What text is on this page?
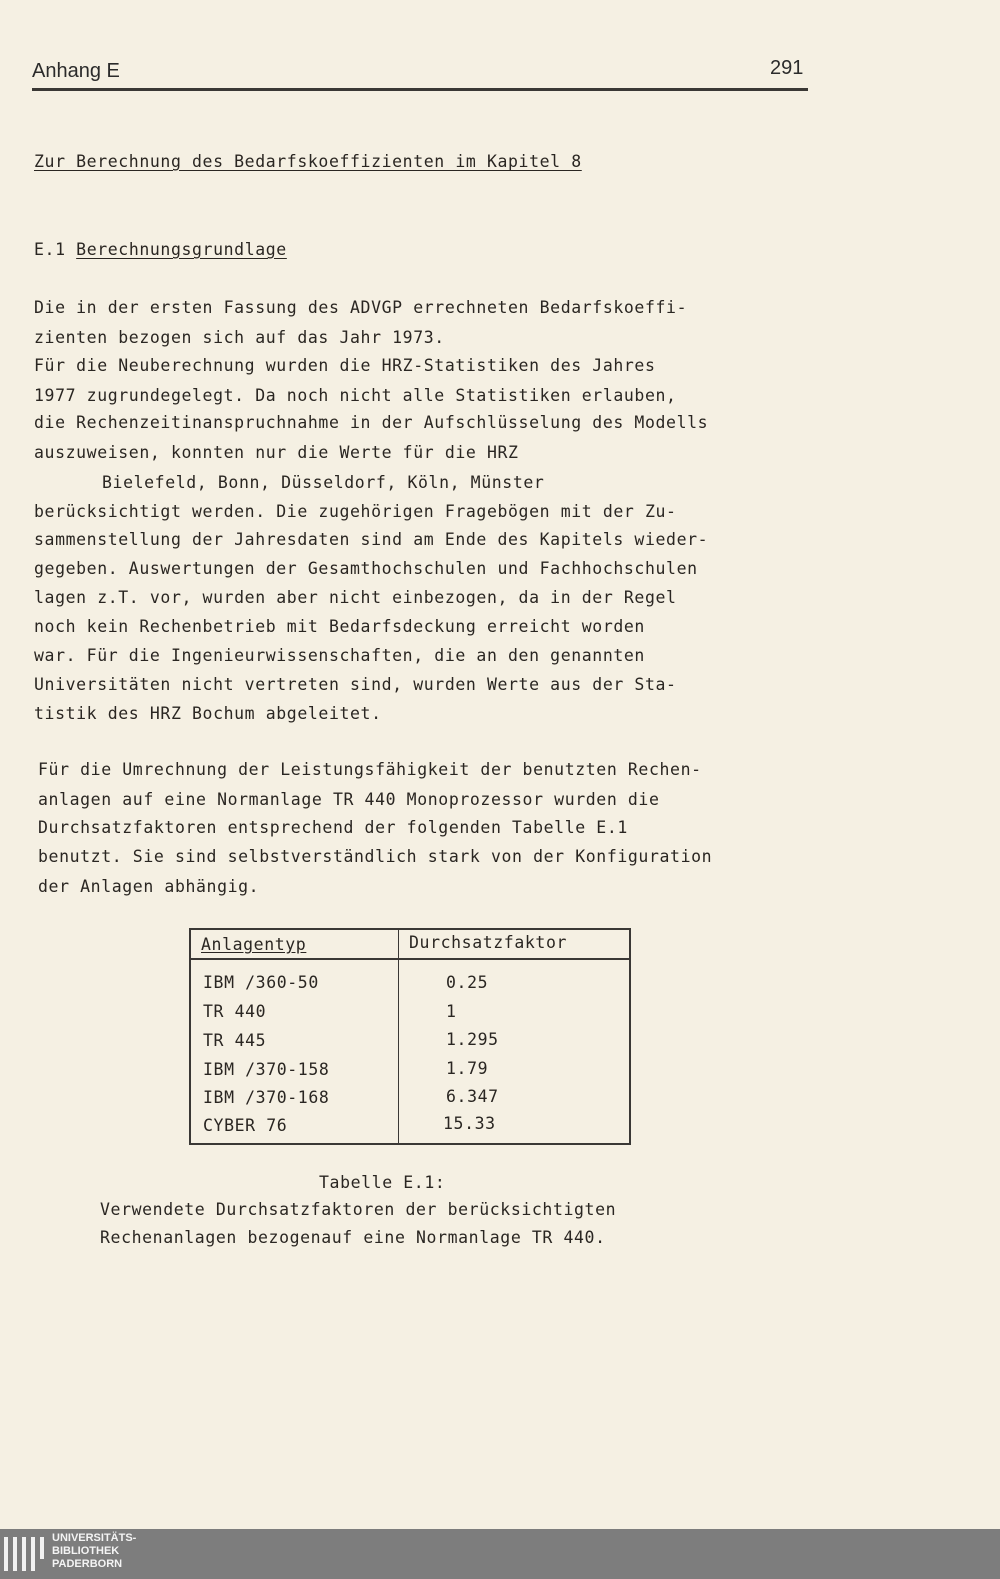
Anhang E	291
Zur Berechnung des Bedarfskoeffizienten im Kapitel 8
E.1 Berechnungsgrundlage
Die in der ersten Fassung des ADVGP errechneten Bedarfskoeffi-
zienten bezogen sich auf das Jahr 1973.
Für die Neuberechnung wurden die HRZ-Statistiken des Jahres
1977 zugrundegelegt. Da noch nicht alle Statistiken erlauben,
die Rechenzeitinanspruchnahme in der Aufschlüsselung des Modells
auszuweisen, konnten nur die Werte für die HRZ
Bielefeld, Bonn, Düsseldorf, Köln, Münster
berücksichtigt werden. Die zugehörigen Fragebögen mit der Zu-
sammenstellung der Jahresdaten sind am Ende des Kapitels wieder-
gegeben. Auswertungen der Gesamthochschulen und Fachhochschulen
lagen z.T. vor, wurden aber nicht einbezogen, da in der Regel
noch kein Rechenbetrieb mit Bedarfsdeckung erreicht worden
war. Für die Ingenieurwissenschaften, die an den genannten
Universitäten nicht vertreten sind, wurden Werte aus der Sta-
tistik des HRZ Bochum abgeleitet.
Für die Umrechnung der Leistungsfähigkeit der benutzten Rechen-
anlagen auf eine Normanlage TR 440 Monoprozessor wurden die
Durchsatzfaktoren entsprechend der folgenden Tabelle E.1
benutzt. Sie sind selbstverständlich stark von der Konfiguration
der Anlagen abhängig.
Anlagentyp	Durchsatzfaktor
IBM /360-50	0.25
TR 440	1
TR 445	1.295
IBM /370-158	1.79
IBM /370-168	6.347
CYBER 76	15.33
Tabelle E.1:
Verwendete Durchsatzfaktoren der berücksichtigten
Rechenanlagen bezogenauf eine Normanlage TR 440.
UNIVERSITÄTS-
BIBLIOTHEK
PADERBORN
